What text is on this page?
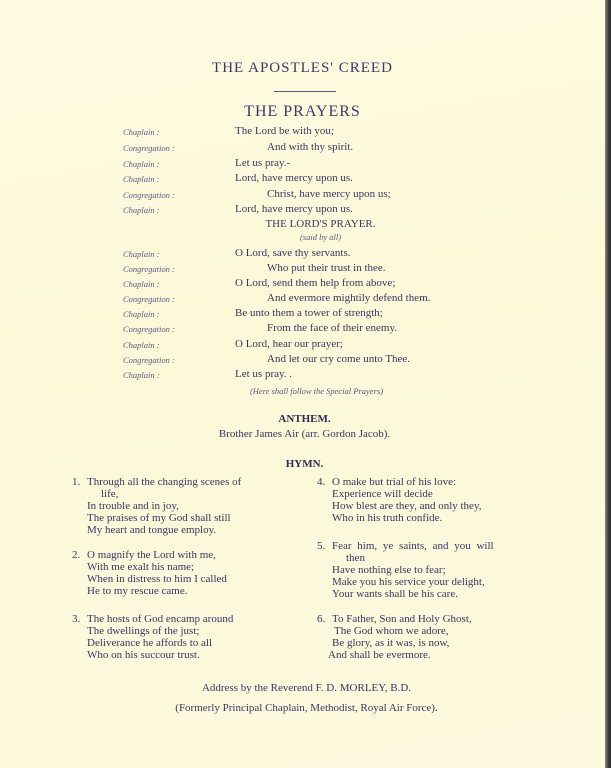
THE APOSTLES' CREED
THE PRAYERS
Chaplain :	The Lord be with you;
Congregation :	And with thy spirit.
Chaplain :	Let us pray.-
Chaplain :	Lord, have mercy upon us.
Congregation :	Christ, have mercy upon us;
Chaplain :	Lord, have mercy upon us.
THE LORD'S PRAYER.
(said by all)
Chaplain :	O Lord, save thy servants.
Congregation :	Who put their trust in thee.
Chaplain :	O Lord, send them help from above;
Congregation :	And evermore mightily defend them.
Chaplain :	Be unto them a tower of strength;
Congregation :	From the face of their enemy.
Chaplain :	O Lord, hear our prayer;
Congregation :	And let our cry come unto Thee.
Chaplain :	Let us pray. .
(Here shall follow the Special Prayers)
ANTHEM.
Brother James Air (arr. Gordon Jacob).
HYMN.
1. Through all the changing scenes of
life,
In trouble and in joy,
The praises of my God shall still
My heart and tongue employ.
2. O magnify the Lord with me,
With me exalt his name;
When in distress to him I called
He to my rescue came.
3. The hosts of God encamp around
The dwellings of the just;
Deliverance he affords to all
Who on his succour trust.
4. O make but trial of his love:
Experience will decide
How blest are they, and only they,
Who in his truth confide.
5. Fear him, ye saints, and you will
then
Have nothing else to fear;
Make you his service your delight,
Your wants shall be his care.
6. To Father, Son and Holy Ghost,
The God whom we adore,
Be glory, as it was, is now,
And shall be evermore.
Address by the Reverend F. D. MORLEY, B.D.
(Formerly Principal Chaplain, Methodist, Royal Air Force).
